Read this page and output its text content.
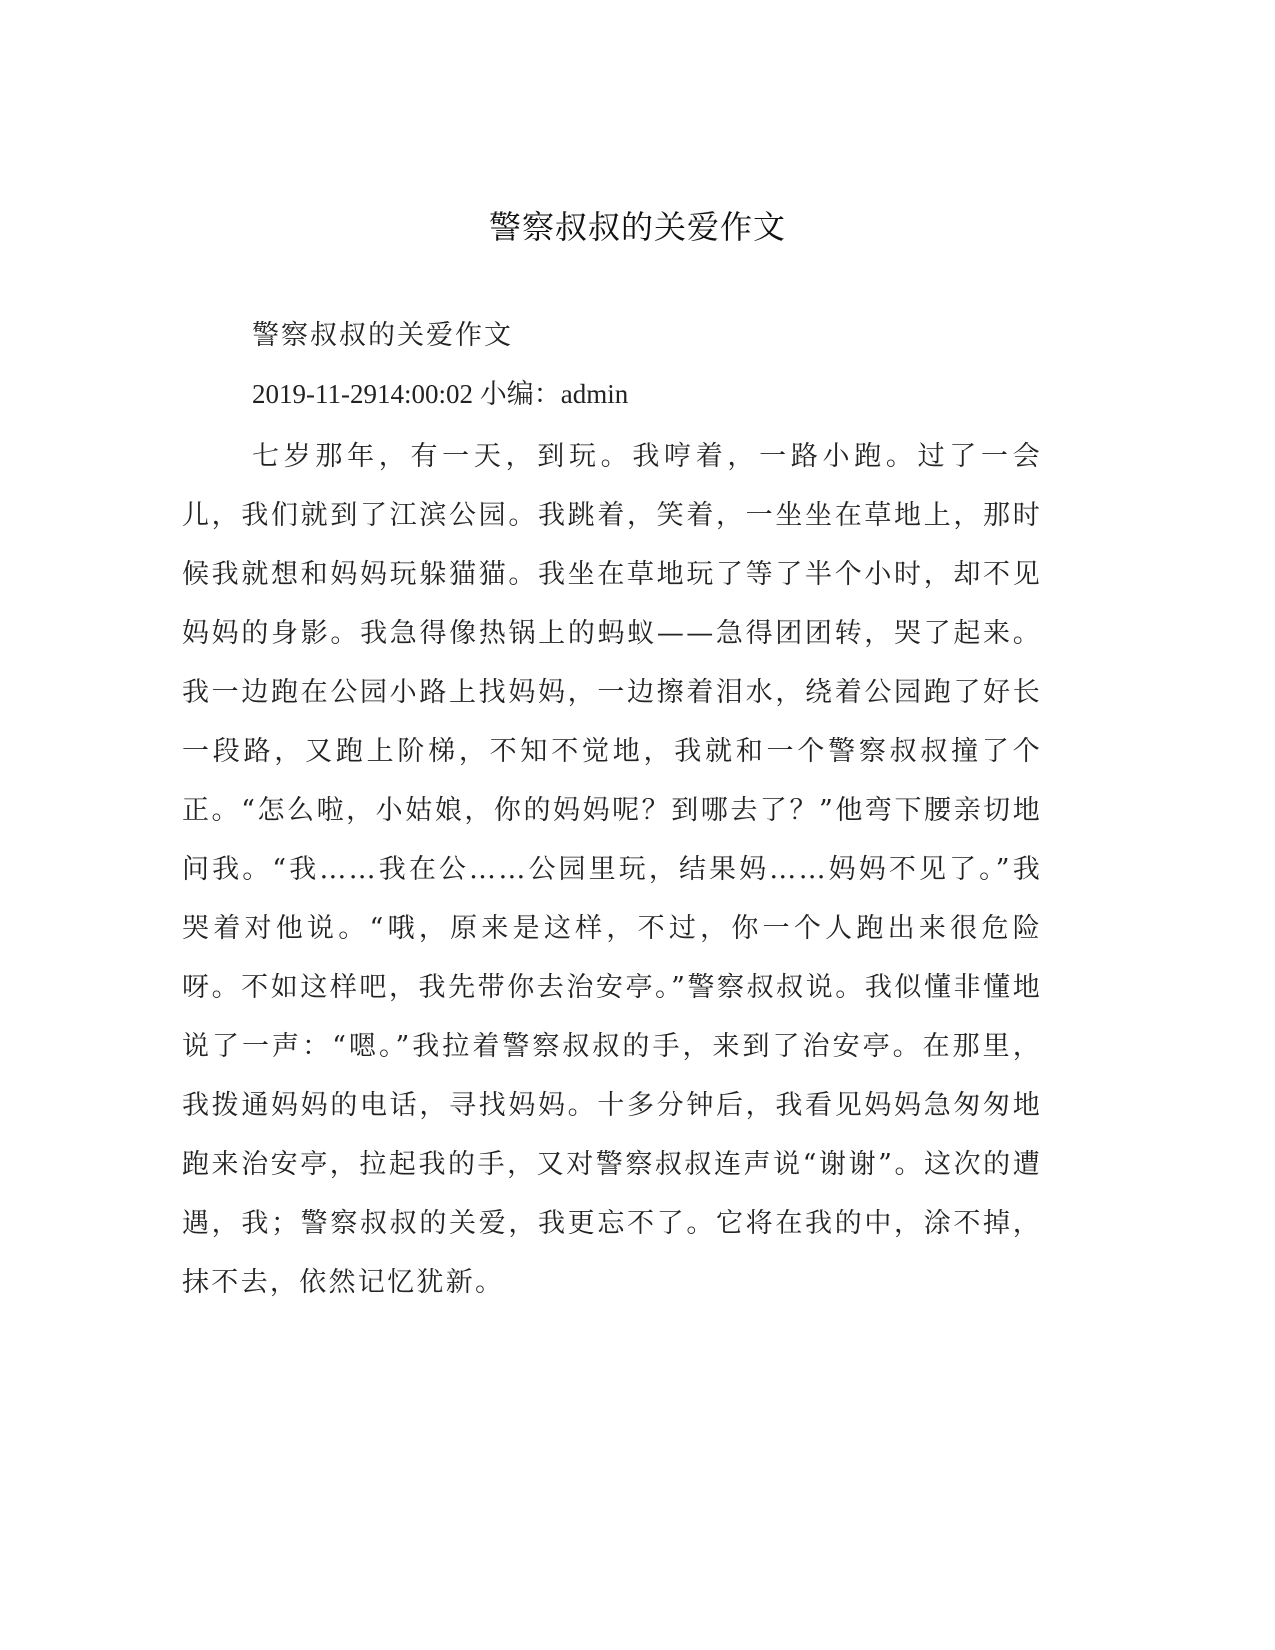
警察叔叔的关爱作文

警察叔叔的关爱作文

2019-11-2914:00:02 小编：admin

七岁那年，有一天，到玩。我哼着，一路小跑。过了一会儿，我们就到了江滨公园。我跳着，笑着，一坐坐在草地上，那时候我就想和妈妈玩躲猫猫。我坐在草地玩了等了半个小时，却不见妈妈的身影。我急得像热锅上的蚂蚁——急得团团转，哭了起来。我一边跑在公园小路上找妈妈，一边擦着泪水，绕着公园跑了好长一段路，又跑上阶梯，不知不觉地，我就和一个警察叔叔撞了个正。“怎么啦，小姑娘，你的妈妈呢？到哪去了？”他弯下腰亲切地问我。“我……我在公……公园里玩，结果妈……妈妈不见了。”我哭着对他说。“哦，原来是这样，不过，你一个人跑出来很危险呀。不如这样吧，我先带你去治安亭。”警察叔叔说。我似懂非懂地说了一声：“嗯。”我拉着警察叔叔的手，来到了治安亭。在那里，我拨通妈妈的电话，寻找妈妈。十多分钟后，我看见妈妈急匆匆地跑来治安亭，拉起我的手，又对警察叔叔连声说“谢谢”。这次的遭遇，我；警察叔叔的关爱，我更忘不了。它将在我的中，涂不掉，抹不去，依然记忆犹新。
